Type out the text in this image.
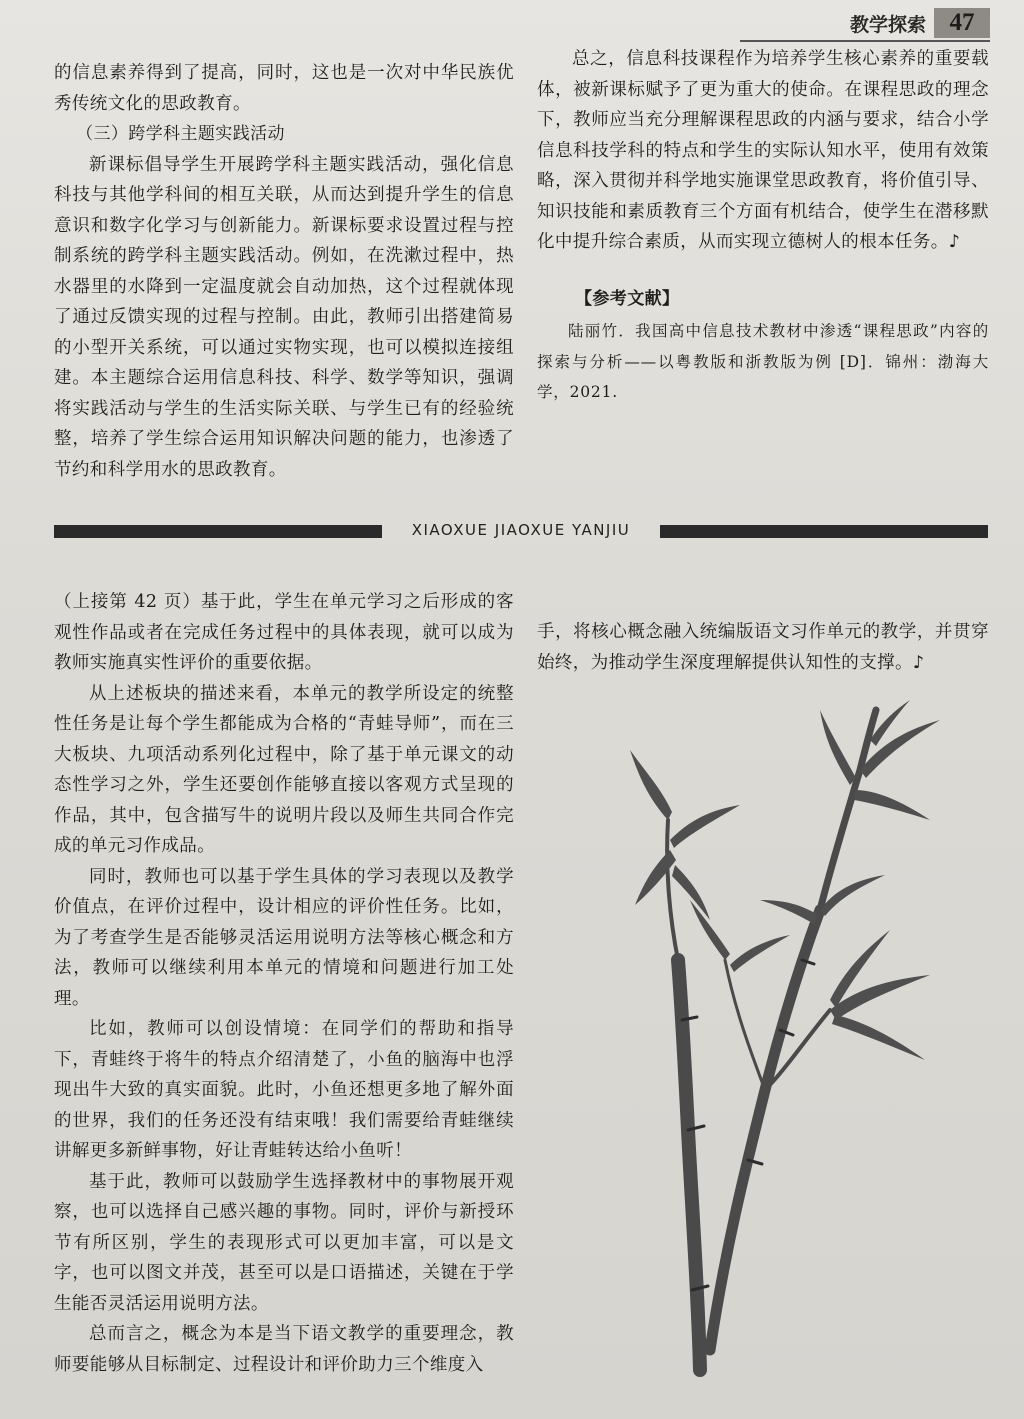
教学探索 47

的信息素养得到了提高，同时，这也是一次对中华民族优秀传统文化的思政教育。

（三）跨学科主题实践活动

新课标倡导学生开展跨学科主题实践活动，强化信息科技与其他学科间的相互关联，从而达到提升学生的信息意识和数字化学习与创新能力。新课标要求设置过程与控制系统的跨学科主题实践活动。例如，在洗漱过程中，热水器里的水降到一定温度就会自动加热，这个过程就体现了通过反馈实现的过程与控制。由此，教师引出搭建简易的小型开关系统，可以通过实物实现，也可以模拟连接组建。本主题综合运用信息科技、科学、数学等知识，强调将实践活动与学生的生活实际关联、与学生已有的经验统整，培养了学生综合运用知识解决问题的能力，也渗透了节约和科学用水的思政教育。

总之，信息科技课程作为培养学生核心素养的重要载体，被新课标赋予了更为重大的使命。在课程思政的理念下，教师应当充分理解课程思政的内涵与要求，结合小学信息科技学科的特点和学生的实际认知水平，使用有效策略，深入贯彻并科学地实施课堂思政教育，将价值引导、知识技能和素质教育三个方面有机结合，使学生在潜移默化中提升综合素质，从而实现立德树人的根本任务。♪

【参考文献】
陆丽竹．我国高中信息技术教材中渗透“课程思政”内容的探索与分析——以粤教版和浙教版为例 [D]．锦州：渤海大学，2021.
XIAOXUE JIAOXUE YANJIU

（上接第 42 页）基于此，学生在单元学习之后形成的客观性作品或者在完成任务过程中的具体表现，就可以成为教师实施真实性评价的重要依据。

从上述板块的描述来看，本单元的教学所设定的统整性任务是让每个学生都能成为合格的“青蛙导师”，而在三大板块、九项活动系列化过程中，除了基于单元课文的动态性学习之外，学生还要创作能够直接以客观方式呈现的作品，其中，包含描写牛的说明片段以及师生共同合作完成的单元习作成品。

同时，教师也可以基于学生具体的学习表现以及教学价值点，在评价过程中，设计相应的评价性任务。比如，为了考查学生是否能够灵活运用说明方法等核心概念和方法，教师可以继续利用本单元的情境和问题进行加工处理。

比如，教师可以创设情境：在同学们的帮助和指导下，青蛙终于将牛的特点介绍清楚了，小鱼的脑海中也浮现出牛大致的真实面貌。此时，小鱼还想更多地了解外面的世界，我们的任务还没有结束哦！我们需要给青蛙继续讲解更多新鲜事物，好让青蛙转达给小鱼听！

基于此，教师可以鼓励学生选择教材中的事物展开观察，也可以选择自己感兴趣的事物。同时，评价与新授环节有所区别，学生的表现形式可以更加丰富，可以是文字，也可以图文并茂，甚至可以是口语描述，关键在于学生能否灵活运用说明方法。

总而言之，概念为本是当下语文教学的重要理念，教师要能够从目标制定、过程设计和评价助力三个维度入

手，将核心概念融入统编版语文习作单元的教学，并贯穿始终，为推动学生深度理解提供认知性的支撑。♪
